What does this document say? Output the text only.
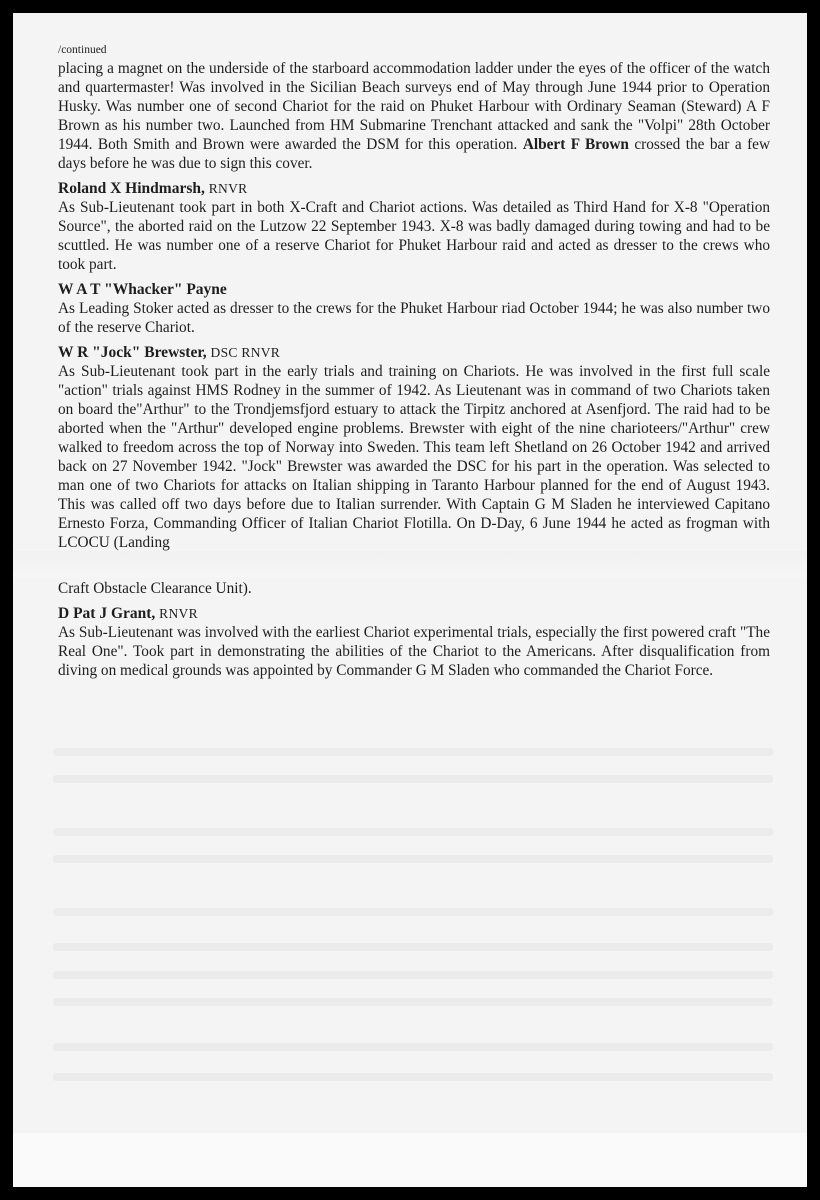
/continued

placing a magnet on the underside of the starboard accommodation ladder under the eyes of the officer of the watch and quartermaster! Was involved in the Sicilian Beach surveys end of May through June 1944 prior to Operation Husky. Was number one of second Chariot for the raid on Phuket Harbour with Ordinary Seaman (Steward) A F Brown as his number two. Launched from HM Submarine Trenchant attacked and sank the "Volpi" 28th October 1944. Both Smith and Brown were awarded the DSM for this operation. Albert F Brown crossed the bar a few days before he was due to sign this cover.

Roland X Hindmarsh, RNVR

As Sub-Lieutenant took part in both X-Craft and Chariot actions. Was detailed as Third Hand for X-8 "Operation Source", the aborted raid on the Lutzow 22 September 1943. X-8 was badly damaged during towing and had to be scuttled. He was number one of a reserve Chariot for Phuket Harbour raid and acted as dresser to the crews who took part.

W A T "Whacker" Payne

As Leading Stoker acted as dresser to the crews for the Phuket Harbour riad October 1944; he was also number two of the reserve Chariot.

W R "Jock" Brewster, DSC RNVR

As Sub-Lieutenant took part in the early trials and training on Chariots. He was involved in the first full scale "action" trials against HMS Rodney in the summer of 1942. As Lieutenant was in command of two Chariots taken on board the"Arthur" to the Trondjemsfjord estuary to attack the Tirpitz anchored at Asenfjord. The raid had to be aborted when the "Arthur" developed engine problems. Brewster with eight of the nine charioteers/"Arthur" crew walked to freedom across the top of Norway into Sweden. This team left Shetland on 26 October 1942 and arrived back on 27 November 1942. "Jock" Brewster was awarded the DSC for his part in the operation. Was selected to man one of two Chariots for attacks on Italian shipping in Taranto Harbour planned for the end of August 1943. This was called off two days before due to Italian surrender. With Captain G M Sladen he interviewed Capitano Ernesto Forza, Commanding Officer of Italian Chariot Flotilla. On D-Day, 6 June 1944 he acted as frogman with LCOCU (Landing

Craft Obstacle Clearance Unit).

D Pat J Grant, RNVR

As Sub-Lieutenant was involved with the earliest Chariot experimental trials, especially the first powered craft "The Real One". Took part in demonstrating the abilities of the Chariot to the Americans. After disqualification from diving on medical grounds was appointed by Commander G M Sladen who commanded the Chariot Force.
